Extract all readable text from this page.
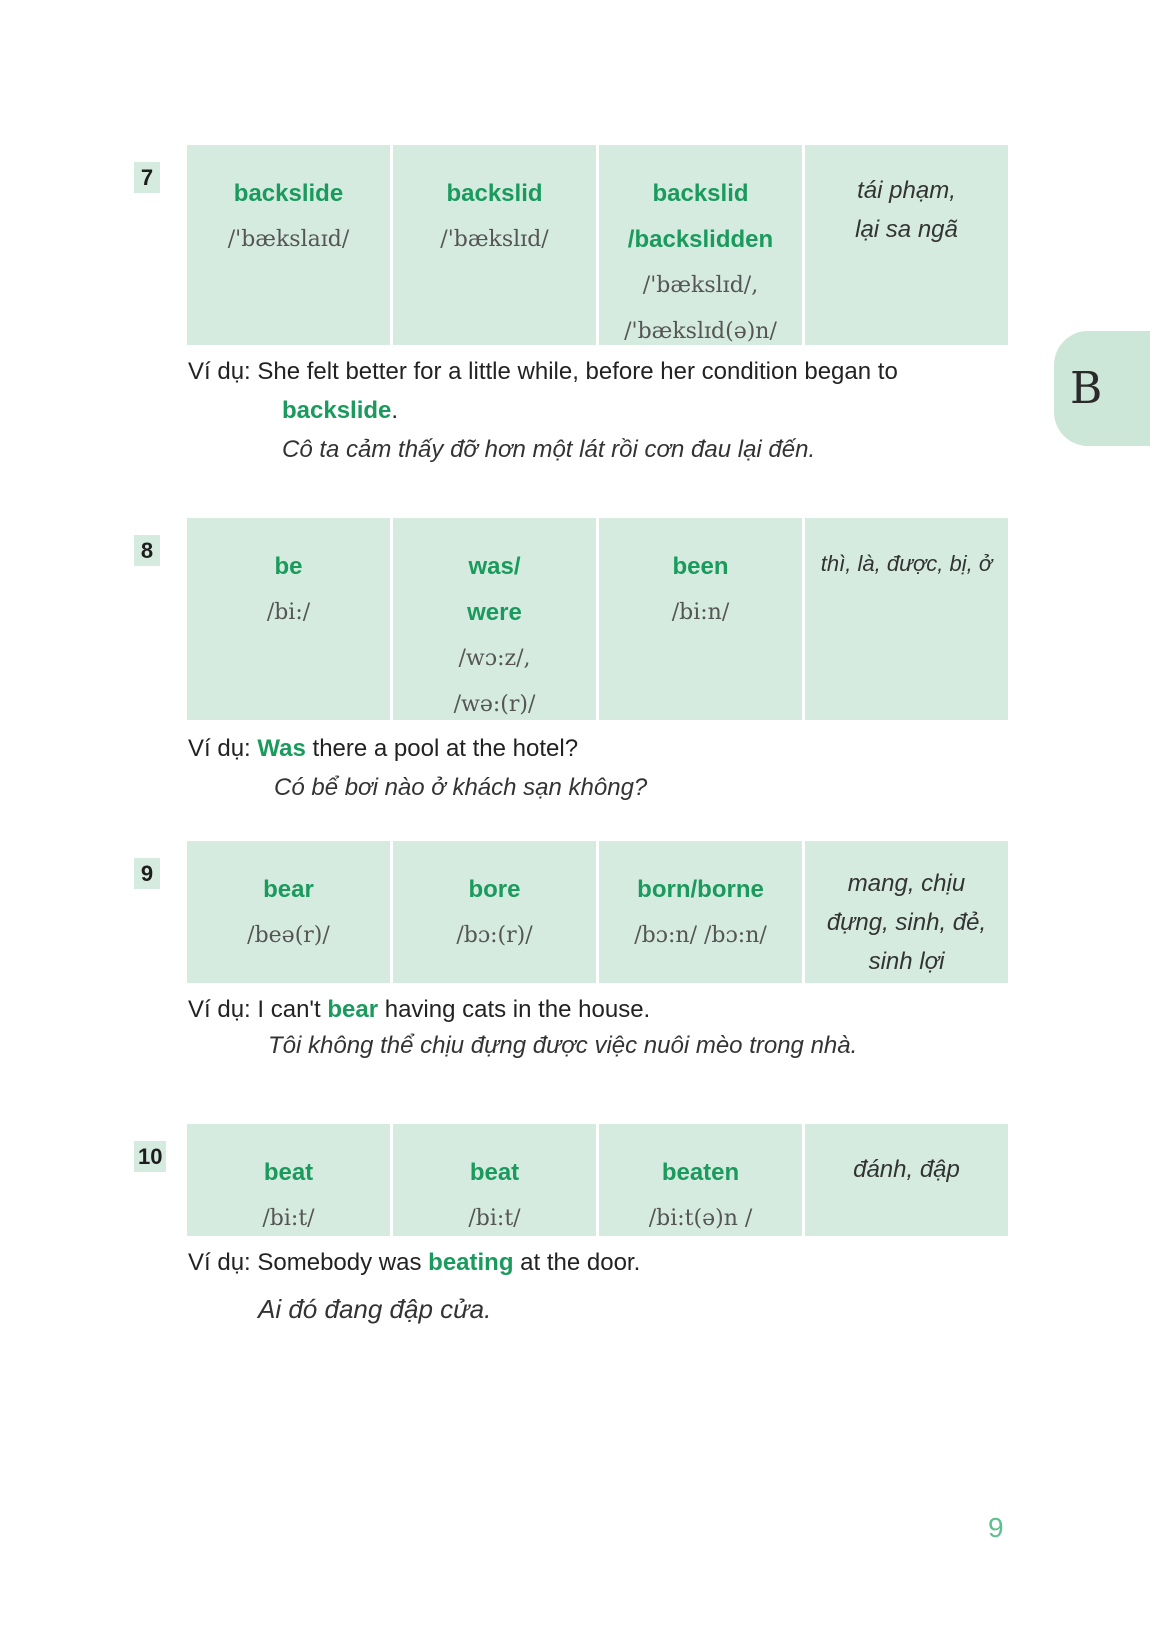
7
backslide
/'bækslaɪd/
backslid
/'bækslɪd/
backslid
/backslidden
/'bækslɪd/,
/'bækslɪd(ə)n/
tái phạm,
lại sa ngã
Ví dụ: She felt better for a little while, before her condition began to
backslide.
Cô ta cảm thấy đỡ hơn một lát rồi cơn đau lại đến.
8
be
/bi:/
was/
were
/wɔ:z/,
/wə:(r)/
been
/bi:n/
thì, là, được, bị, ở
Ví dụ: Was there a pool at the hotel?
Có bể bơi nào ở khách sạn không?
9
bear
/beə(r)/
bore
/bɔ:(r)/
born/borne
/bɔ:n/ /bɔ:n/
mang, chịu
đựng, sinh, đẻ,
sinh lợi
Ví dụ: I can't bear having cats in the house.
Tôi không thể chịu đựng được việc nuôi mèo trong nhà.
10
beat
/bi:t/
beat
/bi:t/
beaten
/bi:t(ə)n /
đánh, đập
Ví dụ: Somebody was beating at the door.
Ai đó đang đập cửa.
B
9
